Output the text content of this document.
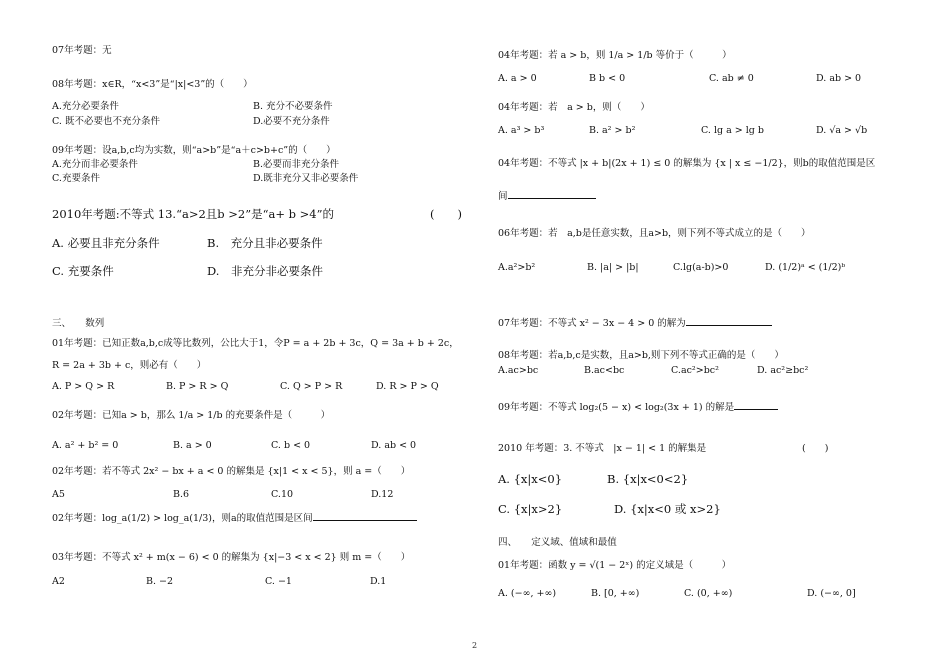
07年考题：无
08年考题：x∈R，“x<3”是“|x|<3”的（　　）
A.充分必要条件	B. 充分不必要条件
C. 既不必要也不充分条件	D.必要不充分条件
09年考题：设a,b,c均为实数，则“a>b”是“a＋c>b+c”的（　　）
A.充分而非必要条件	B.必要而非充分条件
C.充要条件	D.既非充分又非必要条件
2010年考题:不等式 13.“a>2且b >2”是“a+ b >4”的	(　　)
A. 必要且非充分条件	B.　充分且非必要条件
C. 充要条件	D.　非充分非必要条件
三、　　数列
01年考题：已知正数a,b,c成等比数列，公比大于1，令P = a + 2b + 3c，Q = 3a + b + 2c，
R = 2a + 3b + c，则必有（　　）
A. P > Q > R	B. P > R > Q	C. Q > P > R	D. R > P > Q
02年考题：已知a > b，那么 1/a > 1/b 的充要条件是（　　　）
A. a² + b² = 0	B. a > 0	C. b < 0	D. ab < 0
02年考题：若不等式 2x² − bx + a < 0 的解集是 {x|1 < x < 5}，则 a =（　　）
A5	B.6	C.10	D.12
02年考题：log_a(1/2) > log_a(1/3)，则a的取值范围是区间
03年考题：不等式 x² + m(x − 6) < 0 的解集为 {x|−3 < x < 2} 则 m =（　　）
A2	B. −2	C. −1	D.1
04年考题：若 a > b，则 1/a > 1/b 等价于（　　　）
A. a > 0	B b < 0	C. ab ≠ 0	D. ab > 0
04年考题：若　a > b，则（　　）
A. a³ > b³	B. a² > b²	C. lg a > lg b	D. √a > √b
04年考题：不等式 |x + b|(2x + 1) ≤ 0 的解集为 {x | x ≤ −1/2}，则b的取值范围是区
间
06年考题：若　a,b是任意实数，且a>b，则下列不等式成立的是（　　）
A.a²>b²	B. |a| > |b|	C.lg(a-b)>0	D. (1/2)ᵃ < (1/2)ᵇ
07年考题：不等式 x² − 3x − 4 > 0 的解为
08年考题：若a,b,c是实数，且a>b,则下列不等式正确的是（　　）
A.ac>bc	B.ac<bc	C.ac²>bc²	D. ac²≥bc²
09年考题：不等式 log₂(5 − x) < log₂(3x + 1) 的解是
2010 年考题：3. 不等式　|x − 1| < 1 的解集是	(　　)
A. {x|x<0}	B. {x|x<0<2}
C. {x|x>2}	D. {x|x<0 或 x>2}
四、　　定义域、值域和最值
01年考题：函数 y = √(1 − 2ˣ) 的定义域是（　　　）
A. (−∞, +∞)	B. [0, +∞)	C. (0, +∞)	D. (−∞, 0]
2
